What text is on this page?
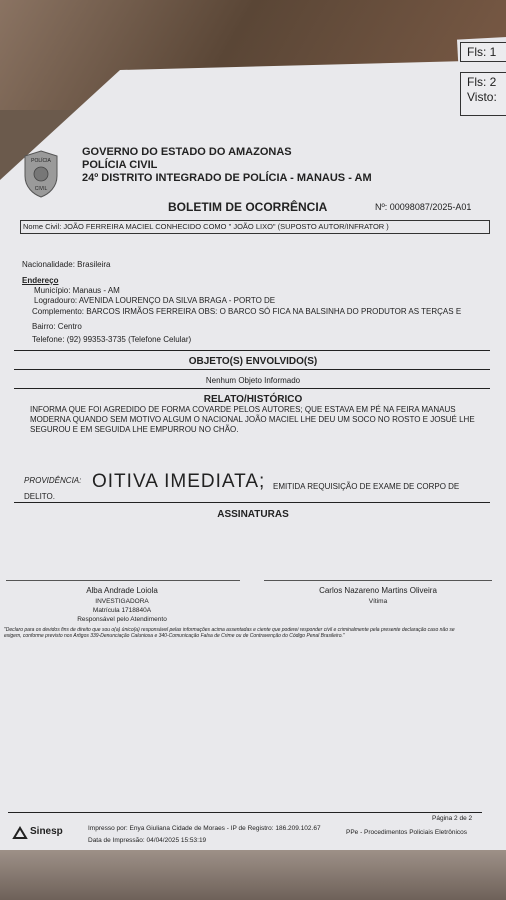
Fls: 1
Fls: 2
Visto:
POLÍCIA
CIVIL
GOVERNO DO ESTADO DO AMAZONAS
POLÍCIA CIVIL
24º DISTRITO INTEGRADO DE POLÍCIA - MANAUS - AM
BOLETIM DE OCORRÊNCIA	Nº: 00098087/2025-A01
Nome Civil: JOÃO FERREIRA MACIEL CONHECIDO COMO " JOÃO LIXO" (SUPOSTO AUTOR/INFRATOR )
Nacionalidade: Brasileira
Endereço
Município: Manaus - AM
Logradouro: AVENIDA LOURENÇO DA SILVA BRAGA - PORTO DE
Complemento: BARCOS IRMÃOS FERREIRA OBS: O BARCO SÓ FICA NA BALSINHA DO PRODUTOR AS TERÇAS E
Bairro: Centro
Telefone: (92) 99353-3735 (Telefone Celular)
OBJETO(S) ENVOLVIDO(S)
Nenhum Objeto Informado
RELATO/HISTÓRICO
INFORMA QUE FOI AGREDIDO DE FORMA COVARDE PELOS AUTORES; QUE ESTAVA EM PÉ NA FEIRA MANAUS
MODERNA QUANDO SEM MOTIVO ALGUM O NACIONAL JOÃO MACIEL LHE DEU UM SOCO NO ROSTO E JOSUÉ LHE
SEGUROU E EM SEGUIDA LHE EMPURROU NO CHÃO.
PROVIDÊNCIA: OITIVA IMEDIATA; EMITIDA REQUISIÇÃO DE EXAME DE CORPO DE
DELITO.
ASSINATURAS
Alba Andrade Loiola
INVESTIGADORA
Matrícula 1718840A
Responsável pelo Atendimento
Carlos Nazareno Martins Oliveira
Vítima
"Declaro para os devidos fins de direito que sou o(a) único(a) responsável pelas informações acima assentadas e ciente que poderei responder civil e criminalmente pela presente declaração caso não se
exigem, conforme previsto nos Artigos 339-Denunciação Caluniosa e 340-Comunicação Falsa de Crime ou de Contravenção do Código Penal Brasileiro."
Sinesp	Impresso por: Enya Giuliana Cidade de Moraes - IP de Registro: 186.209.102.67
Data de Impressão: 04/04/2025 15:53:19
Página 2 de 2
PPe - Procedimentos Policiais Eletrônicos
